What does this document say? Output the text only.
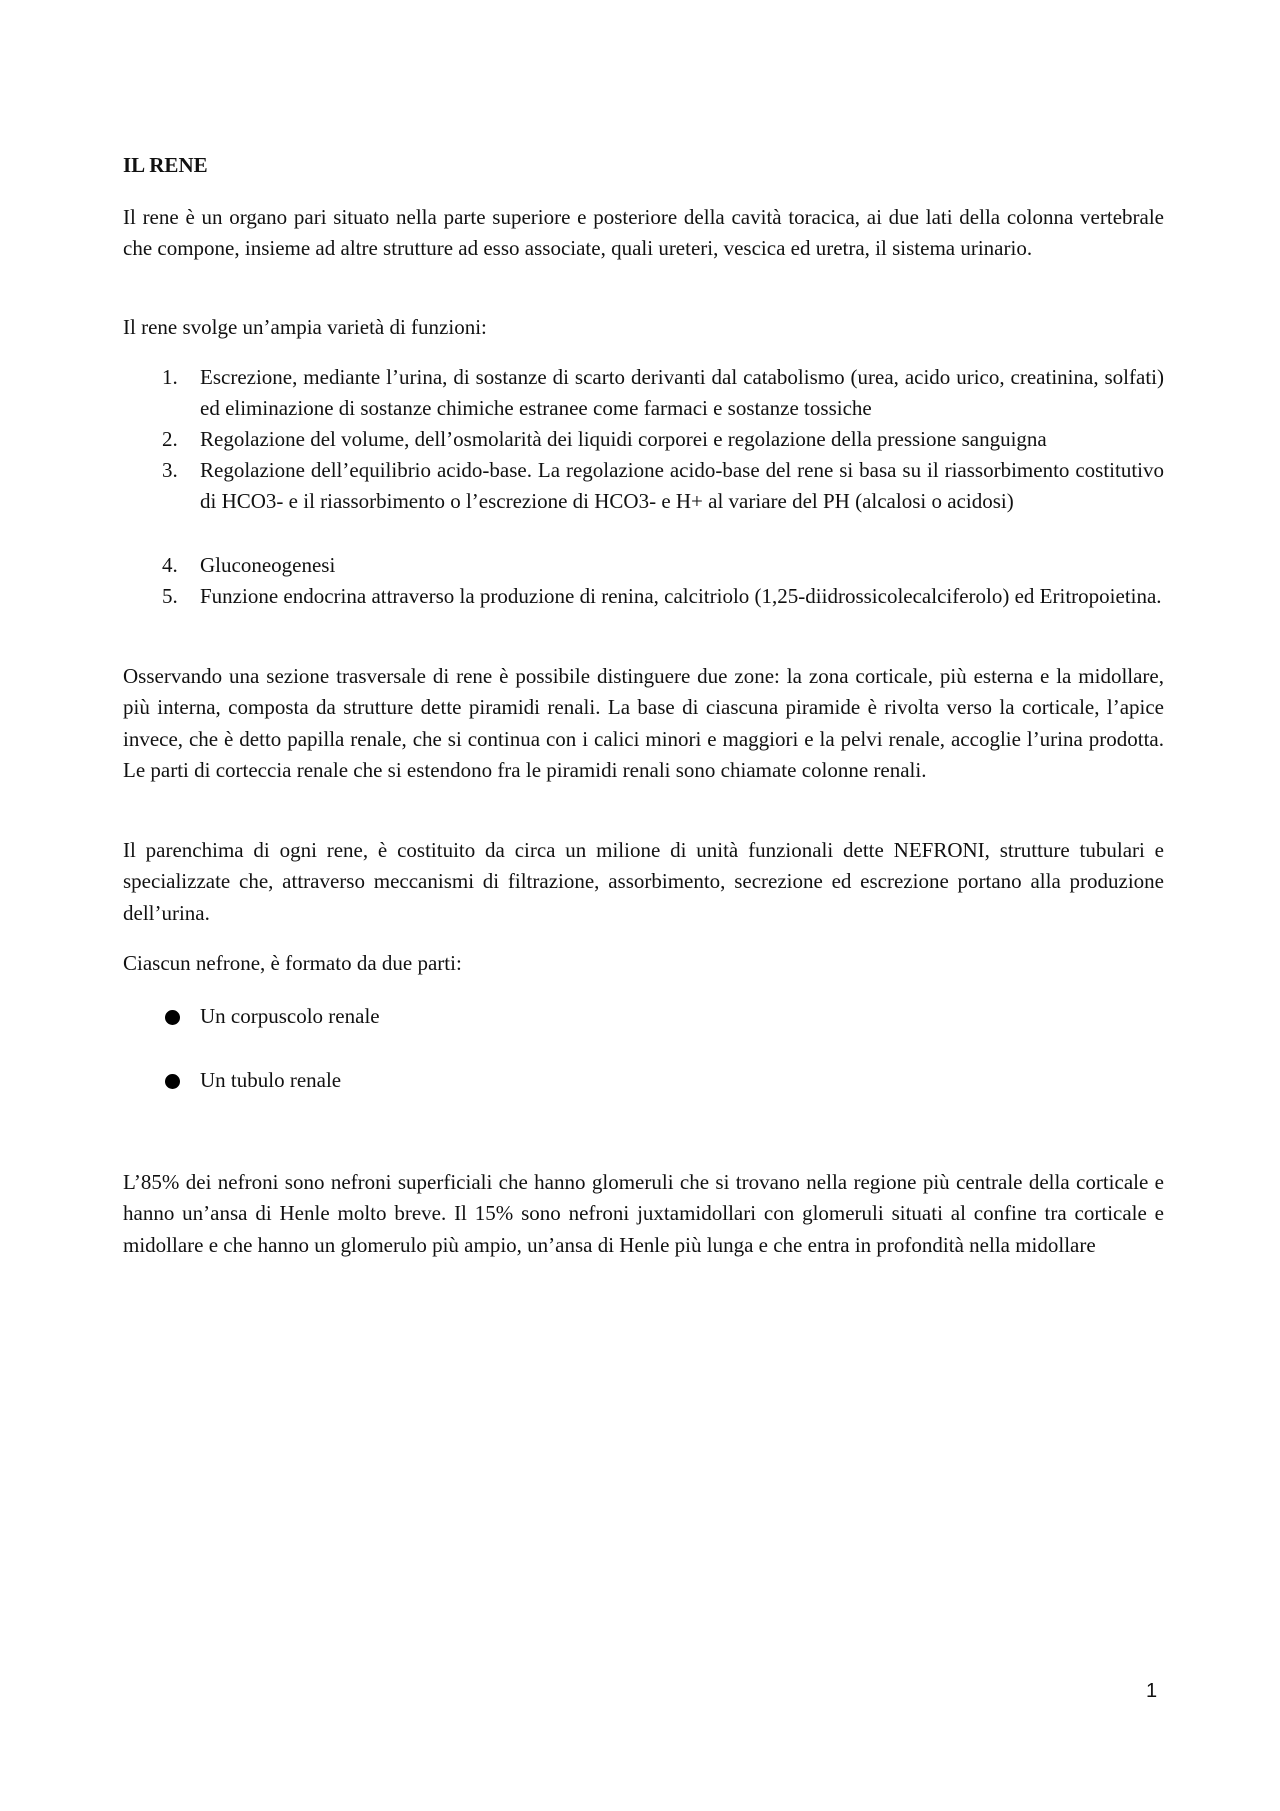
IL RENE
Il rene è un organo pari situato nella parte superiore e posteriore della cavità toracica, ai due lati della colonna vertebrale che compone, insieme ad altre strutture ad esso associate, quali ureteri, vescica ed uretra, il sistema urinario.
Il rene svolge un’ampia varietà di funzioni:
1. Escrezione, mediante l’urina, di sostanze di scarto derivanti dal catabolismo (urea, acido urico, creatinina, solfati) ed eliminazione di sostanze chimiche estranee come farmaci e sostanze tossiche
2. Regolazione del volume, dell’osmolarità dei liquidi corporei e regolazione della pressione sanguigna
3. Regolazione dell’equilibrio acido-base. La regolazione acido-base del rene si basa su il riassorbimento costitutivo di HCO3- e il riassorbimento o l’escrezione di HCO3- e H+ al variare del PH (alcalosi o acidosi)
4. Gluconeogenesi
5. Funzione endocrina attraverso la produzione di renina, calcitriolo (1,25-diidrossicolecalciferolo) ed Eritropoietina.
Osservando una sezione trasversale di rene è possibile distinguere due zone: la zona corticale, più esterna e la midollare, più interna, composta da strutture dette piramidi renali. La base di ciascuna piramide è rivolta verso la corticale, l’apice invece, che è detto papilla renale, che si continua con i calici minori e maggiori e la pelvi renale, accoglie l’urina prodotta. Le parti di corteccia renale che si estendono fra le piramidi renali sono chiamate colonne renali.
Il parenchima di ogni rene, è costituito da circa un milione di unità funzionali dette NEFRONI, strutture tubulari e specializzate che, attraverso meccanismi di filtrazione, assorbimento, secrezione ed escrezione portano alla produzione dell’urina.
Ciascun nefrone, è formato da due parti:
Un corpuscolo renale
Un tubulo renale
L’85% dei nefroni sono nefroni superficiali che hanno glomeruli che si trovano nella regione più centrale della corticale e hanno un’ansa di Henle molto breve. Il 15% sono nefroni juxtamidollari con glomeruli situati al confine tra corticale e midollare e che hanno un glomerulo più ampio, un’ansa di Henle più lunga e che entra in profondità nella midollare
1
